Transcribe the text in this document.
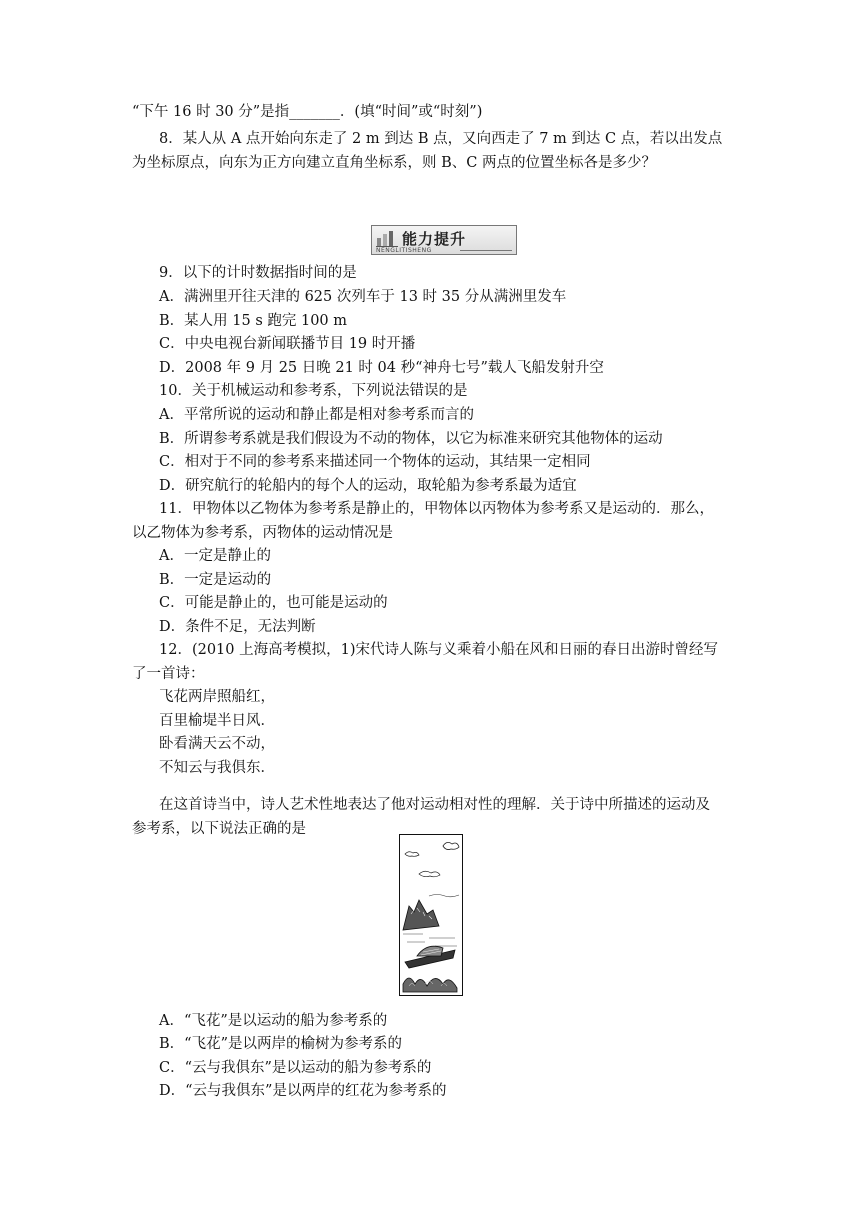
“下午 16 时 30 分”是指_______．(填“时间”或“时刻”)
8．某人从 A 点开始向东走了 2 m 到达 B 点，又向西走了 7 m 到达 C 点，若以出发点
为坐标原点，向东为正方向建立直角坐标系，则 B、C 两点的位置坐标各是多少？
能力提升
NENGLITISHENG
9．以下的计时数据指时间的是
A．满洲里开往天津的 625 次列车于 13 时 35 分从满洲里发车
B．某人用 15 s 跑完 100 m
C．中央电视台新闻联播节目 19 时开播
D．2008 年 9 月 25 日晚 21 时 04 秒“神舟七号”载人飞船发射升空
10．关于机械运动和参考系，下列说法错误的是
A．平常所说的运动和静止都是相对参考系而言的
B．所谓参考系就是我们假设为不动的物体，以它为标准来研究其他物体的运动
C．相对于不同的参考系来描述同一个物体的运动，其结果一定相同
D．研究航行的轮船内的每个人的运动，取轮船为参考系最为适宜
11．甲物体以乙物体为参考系是静止的，甲物体以丙物体为参考系又是运动的．那么，
以乙物体为参考系，丙物体的运动情况是
A．一定是静止的
B．一定是运动的
C．可能是静止的，也可能是运动的
D．条件不足，无法判断
12．(2010 上海高考模拟，1)宋代诗人陈与义乘着小船在风和日丽的春日出游时曾经写
了一首诗：
飞花两岸照船红，
百里榆堤半日风．
卧看满天云不动，
不知云与我俱东．
在这首诗当中，诗人艺术性地表达了他对运动相对性的理解．关于诗中所描述的运动及
参考系，以下说法正确的是
A．“飞花”是以运动的船为参考系的
B．“飞花”是以两岸的榆树为参考系的
C．“云与我俱东”是以运动的船为参考系的
D．“云与我俱东”是以两岸的红花为参考系的
